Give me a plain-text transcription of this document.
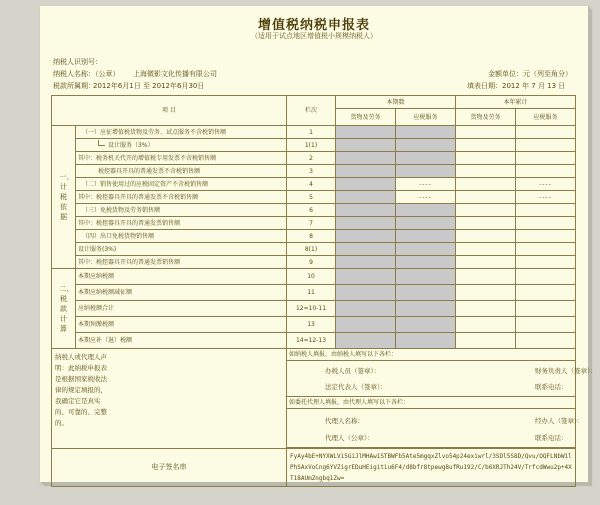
增值税纳税申报表
（适用于试点地区增值税小规模纳税人）
纳税人识别号：
纳税人名称：（公章） 上海微影文化传播有限公司
税款所属期：
2012年6月1日 至 2012年6月30日
金额单位：元（列至角分）
填表日期：2012 年 7 月 13 日
项 目		栏次	本期数		本年累计	
			货物及劳务	应税服务	货物及劳务	应税服务

一、计税依据	（一）应征增值税货物及劳务、试点服务不含税销售额	1				
	设计服务（3%）	1(1)				
	其中：税务机关代开的增值税专用发票不含税销售额	2				
	税控器具开具的普通发票不含税销售额	3				
	（二）销售使用过的应税固定资产不含税销售额	4		----		----
	其中：税控器具开具的普通发票不含税销售额	5		----		----
	（三）免税货物及劳务销售额	6				
	其中：税控器具开具的普通发票销售额	7				
	（四）出口免税货物销售额	8				
	设计服务(3%)	8(1)				
	其中：税控器具开具的普通发票销售额	9				

二、税款计算	本期应纳税额	10				
	本期应纳税额减征额	11				
	应纳税额合计	12=10-11				
	本期预缴税额	13				
	本期应补（退）税额	14=12-13				

纳税人或代理人声明：此纳税申报表是根据国家税收法律的规定填报的，我确定它是真实的、可靠的、完整的。		如纳税人填报，由纳税人填写以下各栏：				

		办税人员（签章）： 财务负责人（签章）：
法定代表人（签章）： 联系电话：				

		如委托代理人填报，由代理人填写以下各栏：				

		代理人名称： 经办人（签章）：
代理人（公章）： 联系电话：				

电子签名串		FyAy4bE+NYXWLVi5GiJlMHAw1STBWFb5Ate5mgqxZlvo54p24exiwrl/3SDl5S8D/Qvu/OQFLNbW1lPhSAxVoCng6YVZigrEDuHEigitiu6F4/d8bfr8tpewg8ufRu192/C/b6XRJTh24V/TrfcdWwu2p+4XT18AUmZngbq1Zw=				
